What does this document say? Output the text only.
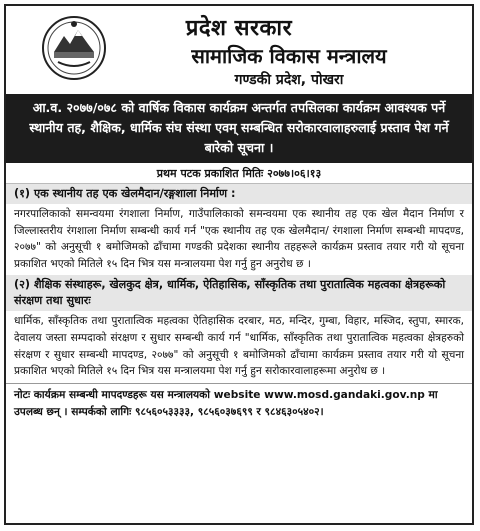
प्रदेश सरकार
सामाजिक विकास मन्त्रालय
गण्डकी प्रदेश, पोखरा
आ.व. २०७७/०७८ को वार्षिक विकास कार्यक्रम अन्तर्गत तपसिलका कार्यक्रम आवश्यक पर्ने स्थानीय तह, शैक्षिक, धार्मिक संघ संस्था एवम् सम्बन्धित सरोकारवालाहरुलाई प्रस्ताव पेश गर्ने बारेको सूचना ।
प्रथम पटक प्रकाशित मितिः २०७७।०६।१३
(१) एक स्थानीय तह एक खेलमैदान/रङ्गशाला निर्माण :
नगरपालिकाको समन्वयमा रंगशाला निर्माण, गाउँपालिकाको समन्वयमा एक स्थानीय तह एक खेल मैदान निर्माण र जिल्लास्तरीय रंगशाला निर्माण सम्बन्धी कार्य गर्न "एक स्थानीय तह एक खेलमैदान/ रंगशाला निर्माण सम्बन्धी मापदण्ड, २०७७" को अनुसूची १ बमोजिमको ढाँचामा गण्डकी प्रदेशका स्थानीय तहहरूले कार्यक्रम प्रस्ताव तयार गरी यो सूचना प्रकाशित भएको मितिले १५ दिन भित्र यस मन्त्रालयमा पेश गर्नु हुन अनुरोध छ ।
(२) शैक्षिक संस्थाहरू, खेलकुद क्षेत्र, धार्मिक, ऐतिहासिक, साँस्कृतिक तथा पुरातात्विक महत्वका क्षेत्रहरूको संरक्षण तथा सुधारः
धार्मिक, साँस्कृतिक तथा पुरातात्विक महत्वका ऐतिहासिक दरबार, मठ, मन्दिर, गुम्बा, विहार, मस्जिद, स्तुपा, स्मारक, देवालय जस्ता सम्पदाको संरक्षण र सुधार सम्बन्धी कार्य गर्न "धार्मिक, साँस्कृतिक तथा पुरातात्विक महत्वका क्षेत्रहरुको संरक्षण र सुधार सम्बन्धी मापदण्ड, २०७७" को अनुसूची १ बमोजिमको ढाँचामा कार्यक्रम प्रस्ताव तयार गरी यो सूचना प्रकाशित भएको मितिले १५ दिन भित्र यस मन्त्रालयमा पेश गर्नु हुन सरोकारवालाहरूमा अनुरोध छ ।
नोटः कार्यक्रम सम्बन्धी मापदण्डहरू यस मन्त्रालयको website www.mosd.gandaki.gov.np मा उपलब्ध छन् । सम्पर्कको लागिः ९८५६०५३३३३, ९८५६०३७६९९ र ९८४६३०५४०२।
